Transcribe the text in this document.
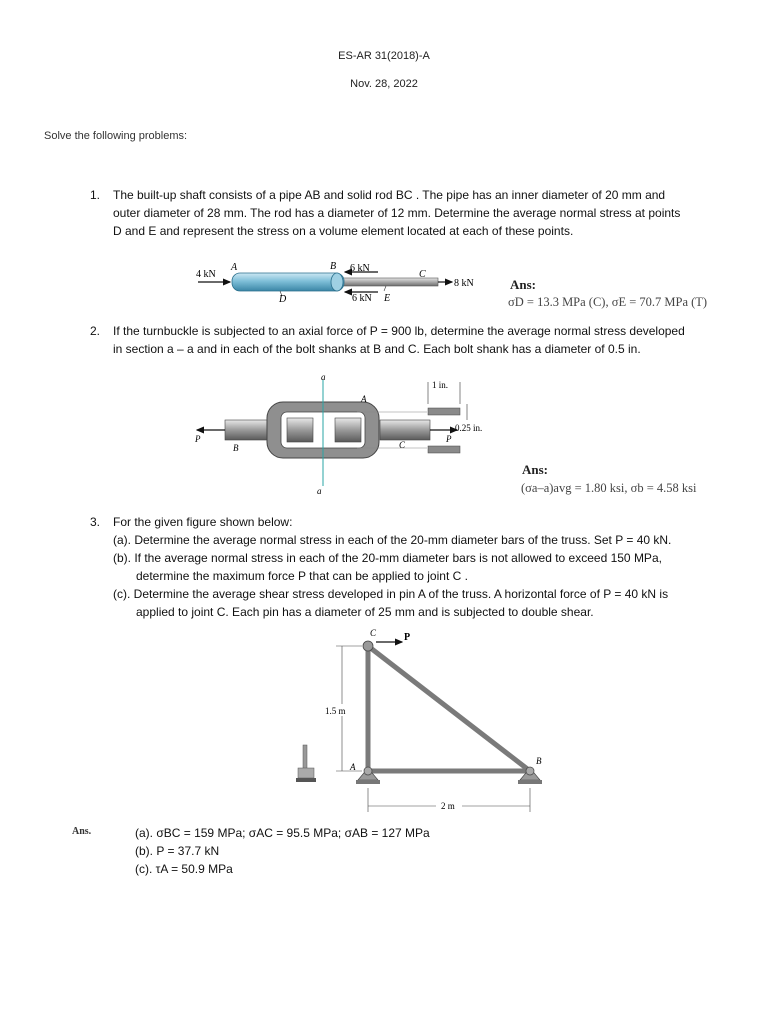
ES-AR 31(2018)-A
Nov. 28, 2022
Solve the following problems:
1. The built-up shaft consists of a pipe AB and solid rod BC . The pipe has an inner diameter of 20 mm and
outer diameter of 28 mm. The rod has a diameter of 12 mm. Determine the average normal stress at points
D and E and represent the stress on a volume element located at each of these points.
4 kN
A	B 6 kN
C
8 kN
D	6 kN E
Ans:
σD = 13.3 MPa (C), σE = 70.7 MPa (T)
2. If the turnbuckle is subjected to an axial force of P = 900 lb, determine the average normal stress developed
in section a – a and in each of the bolt shanks at B and C. Each bolt shank has a diameter of 0.5 in.
a
a
A
B	C
P	P
1 in.
0.25 in.
Ans:
(σa–a)avg = 1.80 ksi, σb = 4.58 ksi
3. For the given figure shown below:
(a). Determine the average normal stress in each of the 20-mm diameter bars of the truss. Set P = 40 kN.
(b). If the average normal stress in each of the 20-mm diameter bars is not allowed to exceed 150 MPa,
determine the maximum force P that can be applied to joint C .
(c). Determine the average shear stress developed in pin A of the truss. A horizontal force of P = 40 kN is
applied to joint C. Each pin has a diameter of 25 mm and is subjected to double shear.
C	P
A
B
1.5 m
2 m
Ans.	(a). σBC = 159 MPa; σAC = 95.5 MPa; σAB = 127 MPa
(b). P = 37.7 kN
(c). τA = 50.9 MPa
